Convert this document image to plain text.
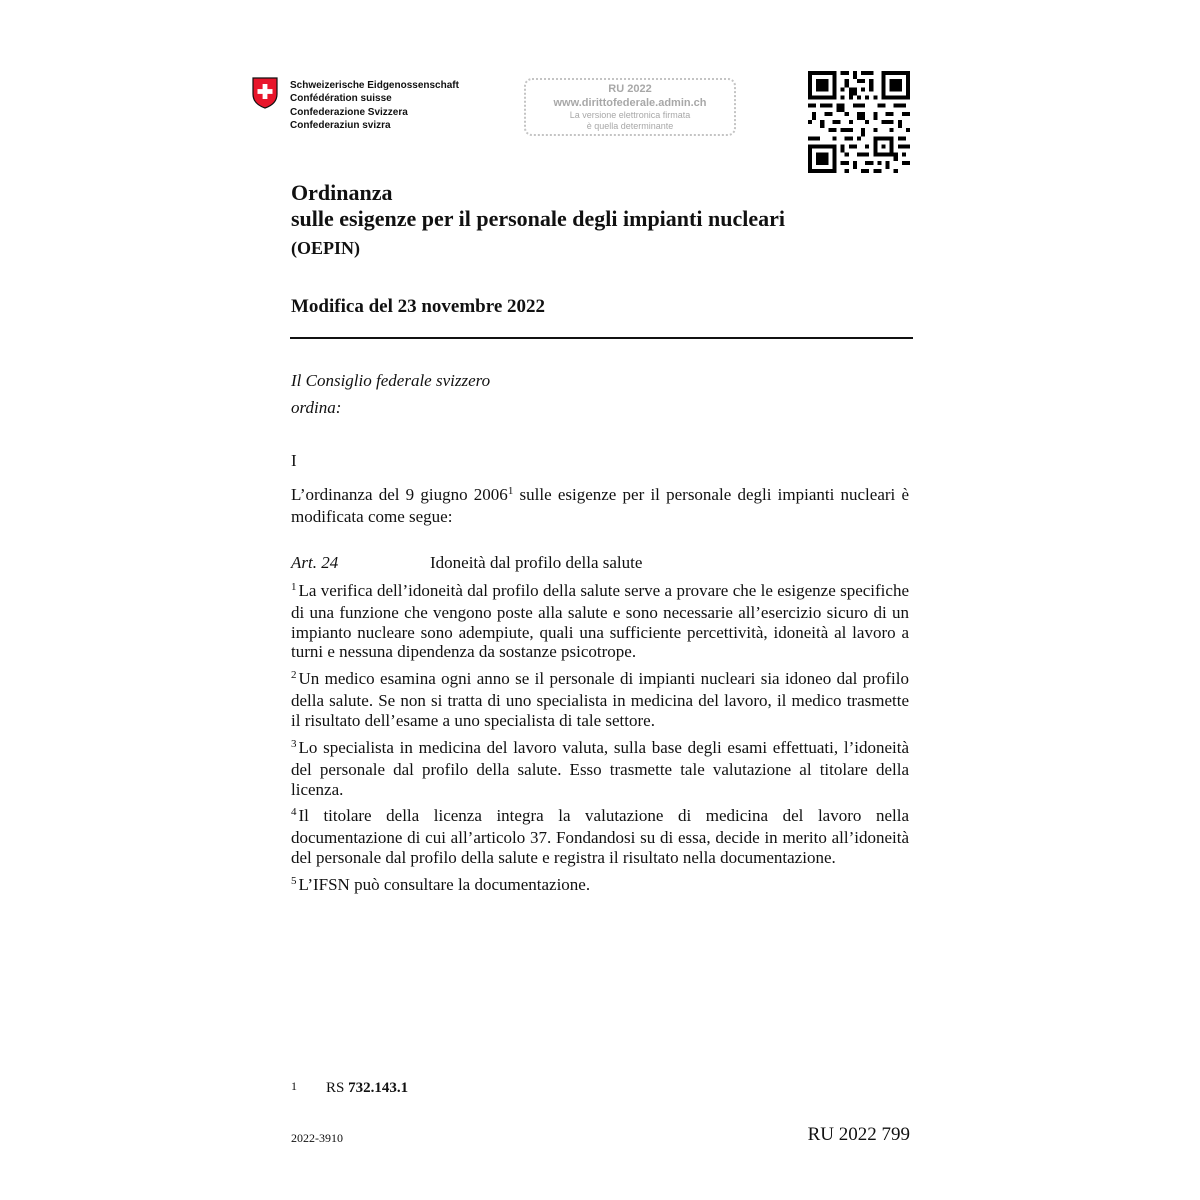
Schweizerische Eidgenossenschaft
Confédération suisse
Confederazione Svizzera
Confederaziun svizra
RU 2022
www.dirittofederale.admin.ch
La versione elettronica firmata
è quella determinante
Ordinanza
sulle esigenze per il personale degli impianti nucleari
(OEPIN)
Modifica del 23 novembre 2022
Il Consiglio federale svizzero
ordina:
I
L’ordinanza del 9 giugno 2006$^1$ sulle esigenze per il personale degli impianti nucleari è modificata come segue:
Art. 24	Idoneità dal profilo della salute
$^1$ La verifica dell’idoneità dal profilo della salute serve a provare che le esigenze specifiche di una funzione che vengono poste alla salute e sono necessarie all’esercizio sicuro di un impianto nucleare sono adempiute, quali una sufficiente percettività, idoneità al lavoro a turni e nessuna dipendenza da sostanze psicotrope.
$^2$ Un medico esamina ogni anno se il personale di impianti nucleari sia idoneo dal profilo della salute. Se non si tratta di uno specialista in medicina del lavoro, il medico trasmette il risultato dell’esame a uno specialista di tale settore.
$^3$ Lo specialista in medicina del lavoro valuta, sulla base degli esami effettuati, l’idoneità del personale dal profilo della salute. Esso trasmette tale valutazione al titolare della licenza.
$^4$ Il titolare della licenza integra la valutazione di medicina del lavoro nella documentazione di cui all’articolo 37. Fondandosi su di essa, decide in merito all’idoneità del personale dal profilo della salute e registra il risultato nella documentazione.
$^5$ L’IFSN può consultare la documentazione.
1 RS 732.143.1
2022-3910	RU 2022 799
